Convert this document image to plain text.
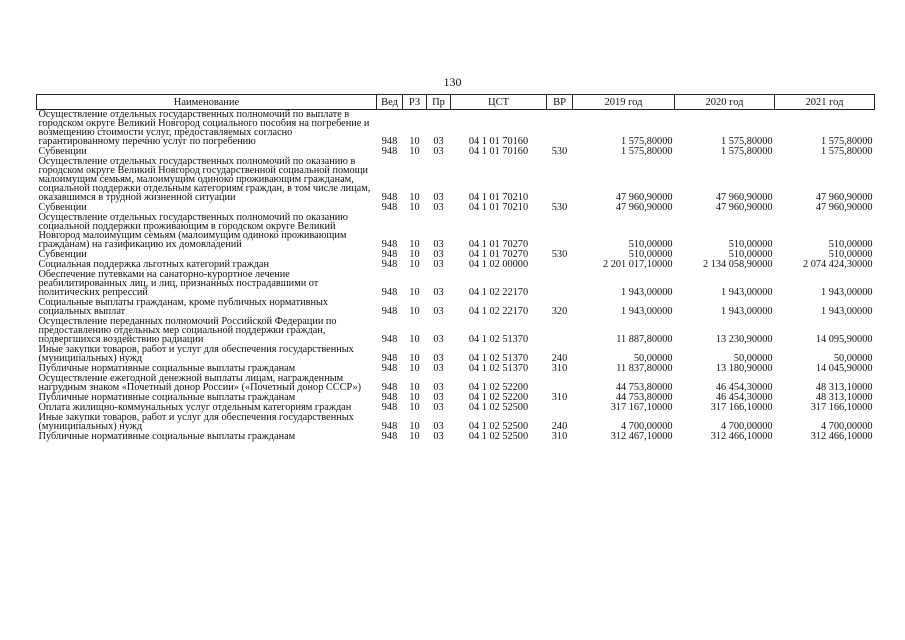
130
Наименование	Вед	РЗ	Пр	ЦСТ	ВР	2019 год	2020 год	2021 год
Осуществление отдельных государственных полномочий по выплате в городском округе Великий Новгород социального пособия на погребение и возмещению стоимости услуг, предоставляемых согласно гарантированному перечню услуг по погребению	948	10	03	04 1 01 70160		1 575,80000	1 575,80000	1 575,80000
Субвенции	948	10	03	04 1 01 70160	530	1 575,80000	1 575,80000	1 575,80000
Осуществление отдельных государственных полномочий по оказанию в городском округе Великий Новгород государственной социальной помощи малоимущим семьям, малоимущим одиноко проживающим гражданам, социальной поддержки отдельным категориям граждан, в том числе лицам, оказавшимся в трудной жизненной ситуации	948	10	03	04 1 01 70210		47 960,90000	47 960,90000	47 960,90000
Субвенции	948	10	03	04 1 01 70210	530	47 960,90000	47 960,90000	47 960,90000
Осуществление отдельных государственных полномочий по оказанию социальной поддержки проживающим в городском округе Великий Новгород малоимущим семьям (малоимущим одиноко проживающим гражданам) на газификацию их домовладений	948	10	03	04 1 01 70270		510,00000	510,00000	510,00000
Субвенции	948	10	03	04 1 01 70270	530	510,00000	510,00000	510,00000
Социальная поддержка льготных категорий граждан	948	10	03	04 1 02 00000		2 201 017,10000	2 134 058,90000	2 074 424,30000
Обеспечение путевками на санаторно-курортное лечение реабилитированных лиц, и лиц, признанных пострадавшими от политических репрессий	948	10	03	04 1 02 22170		1 943,00000	1 943,00000	1 943,00000
Социальные выплаты гражданам, кроме публичных нормативных социальных выплат	948	10	03	04 1 02 22170	320	1 943,00000	1 943,00000	1 943,00000
Осуществление переданных полномочий Российской Федерации по предоставлению отдельных мер социальной поддержки граждан, подвергшихся воздействию радиации	948	10	03	04 1 02 51370		11 887,80000	13 230,90000	14 095,90000
Иные закупки товаров, работ и услуг для обеспечения государственных (муниципальных) нужд	948	10	03	04 1 02 51370	240	50,00000	50,00000	50,00000
Публичные нормативные социальные выплаты гражданам	948	10	03	04 1 02 51370	310	11 837,80000	13 180,90000	14 045,90000
Осуществление ежегодной денежной выплаты лицам, награжденным нагрудным знаком «Почетный донор России» («Почетный донор СССР»)	948	10	03	04 1 02 52200		44 753,80000	46 454,30000	48 313,10000
Публичные нормативные социальные выплаты гражданам	948	10	03	04 1 02 52200	310	44 753,80000	46 454,30000	48 313,10000
Оплата жилищно-коммунальных услуг отдельным категориям граждан	948	10	03	04 1 02 52500		317 167,10000	317 166,10000	317 166,10000
Иные закупки товаров, работ и услуг для обеспечения государственных (муниципальных) нужд	948	10	03	04 1 02 52500	240	4 700,00000	4 700,00000	4 700,00000
Публичные нормативные социальные выплаты гражданам	948	10	03	04 1 02 52500	310	312 467,10000	312 466,10000	312 466,10000
